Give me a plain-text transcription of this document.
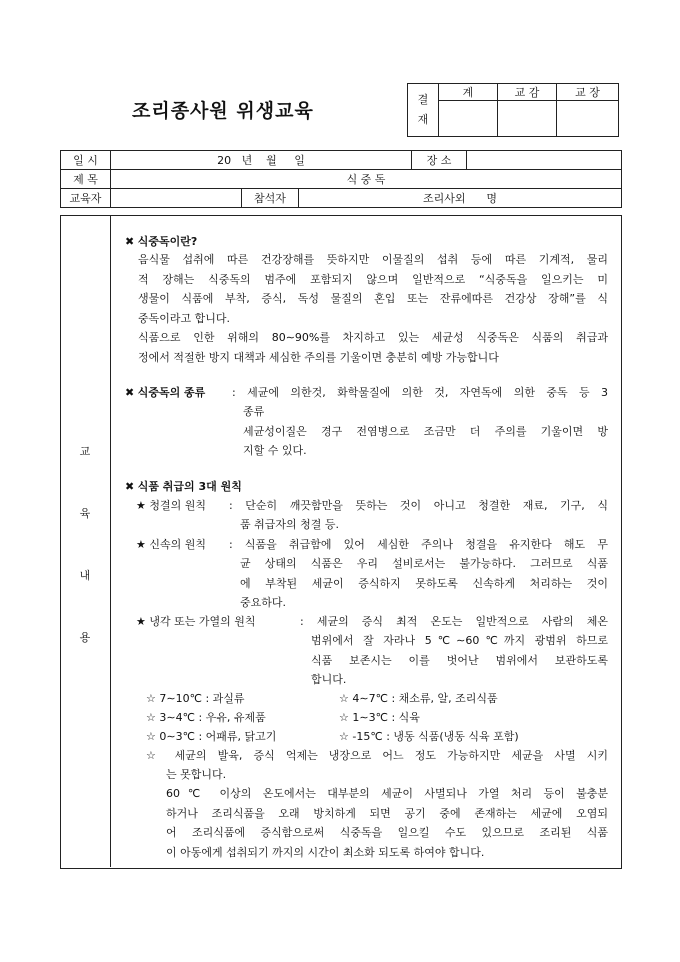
조리종사원 위생교육
결
재	계	교 감	교 장

일 시	20   년    월     일			장 소	
제 목	식 중 독				
교육자		참석자	조리사외      명		
교
육
내
용
✖ 식중독이란?
음식물 섭취에 따른 건강장해를 뜻하지만 이물질의 섭취 등에 따른 기계적, 물리
적 장해는 식중독의 범주에 포함되지 않으며 일반적으로 “식중독을 일으키는 미
생물이 식품에 부착, 증식, 독성 물질의 혼입 또는 잔류에따른 건강상 장해”를 식
중독이라고 합니다.
식품으로 인한 위해의 80∼90%를 차지하고 있는 세균성 식중독은 식품의 취급과
정에서 적절한 방지 대책과 세심한 주의를 기울이면 충분히 예방 가능합니다
✖ 식중독의 종류 : 세균에 의한것, 화학물질에 의한 것, 자연독에 의한 중독 등 3
종류
세균성이질은 경구 전염병으로 조금만 더 주의를 기울이면 방
지할 수 있다.
✖ 식품 취급의 3대 원칙
★ 청결의 원칙 : 단순히 깨끗함만을 뜻하는 것이 아니고 청결한 재료, 기구, 식
품 취급자의 청결 등.
★ 신속의 원칙 : 식품을 취급함에 있어 세심한 주의나 청결을 유지한다 해도 무
균 상태의 식품은 우리 설비로서는 불가능하다. 그러므로 식품
에 부착된 세균이 증식하지 못하도록 신속하게 처리하는 것이
중요하다.
★ 냉각 또는 가열의 원칙	: 세균의 증식 최적 온도는 일반적으로 사람의 체온
범위에서 잘 자라나 5℃∼60℃까지 광범위 하므로
식품 보존시는 이를 벗어난 범위에서 보관하도록
합니다.
☆ 7∼10℃ : 과실류	☆ 4∼7℃ : 채소류, 알, 조리식품
☆ 3∼4℃ : 우유, 유제품	☆ 1∼3℃ : 식육
☆ 0∼3℃ : 어패류, 닭고기	☆ -15℃ : 냉동 식품(냉동 식육 포함)
☆ 세균의 발육, 증식 억제는 냉장으로 어느 정도 가능하지만 세균을 사멸 시키
는 못합니다.
60℃ 이상의 온도에서는 대부분의 세균이 사멸되나 가열 처리 등이 불충분
하거나 조리식품을 오래 방치하게 되면 공기 중에 존재하는 세균에 오염되
어 조리식품에 증식함으로써 식중독을 일으킬 수도 있으므로 조리된 식품
이 아동에게 섭취되기 까지의 시간이 최소화 되도록 하여야 합니다.
